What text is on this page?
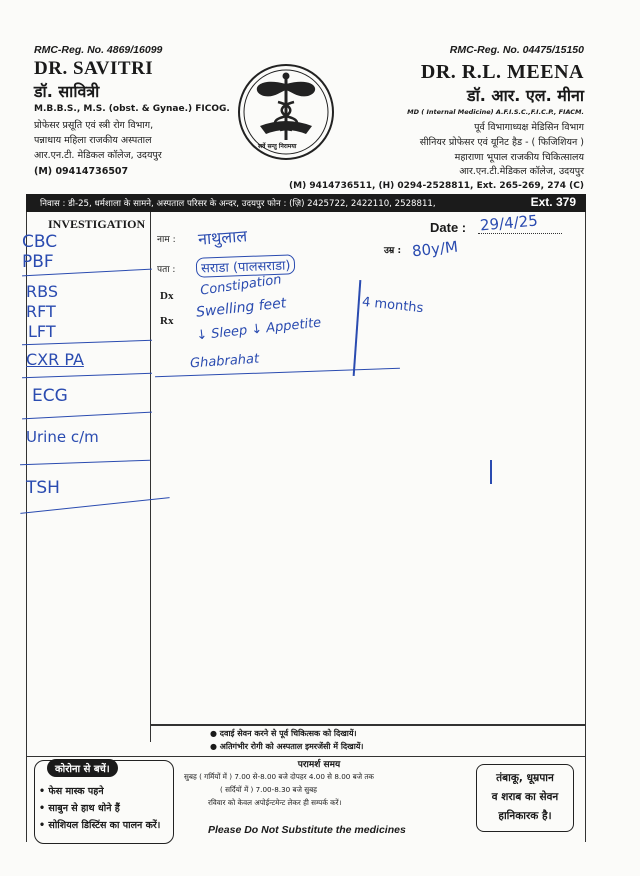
RMC-Reg. No. 4869/16099
DR. SAVITRI
डॉ. सावित्री
M.B.B.S., M.S. (obst. & Gynae.) FICOG.
प्रोफेसर प्रसूति एवं स्त्री रोग विभाग,
पन्नाधाय महिला राजकीय अस्पताल
आर.एन.टी. मेडिकल कॉलेज, उदयपुर
(M) 09414736507
सर्वे सन्तु निरामया
RMC-Reg. No. 04475/15150
DR. R.L. MEENA
डॉ. आर. एल. मीना
MD ( Internal Medicine) A.F.I.S.C.,F.I.C.P., FIACM.
पूर्व विभागाध्यक्ष मेडिसिन विभाग
सीनियर प्रोफेसर एवं यूनिट हैड - ( फिजिशियन )
महाराणा भूपाल राजकीय चिकित्सालय
आर.एन.टी.मेडिकल कॉलेज, उदयपुर
(M) 9414736511, (H) 0294-2528811, Ext. 265-269, 274 (C)
निवास : डी-25, धर्मशाला के सामने, अस्पताल परिसर के अन्दर, उदयपुर फोन : (ज़ि) 2425722, 2422110, 2528811,	Ext. 379
INVESTIGATION
नाम :
पता :
Date :
उम्र :
Dx
Rx
नाथुलाल
सराडा (पालसराडा)
29/4/25
80y/M
4 months
Constipation
Swelling feet
↓ Sleep ↓ Appetite
Ghabrahat
CBC
PBF
RBS
RFT
LFT
CXR PA
ECG
Urine c/m
TSH
● दवाई सेवन करने से पूर्व चिकित्सक को दिखायें।
● अतिगंभीर रोगी को अस्पताल इमरजेंसी में दिखायें।
कोरोना से बचें।
• फेस मास्क पहने
• साबुन से हाथ धोने हैं
• सोशियल डिस्टिंस का पालन करें।
परामर्श समय
सुबह ( गर्मियों में ) 7.00 से-8.00 बजे दोपहर 4.00 से 8.00 बजे तक
( सर्दियों में ) 7.00-8.30 बजे सुबह
रविवार को केवल अपोईन्टमेन्ट लेकर ही सम्पर्क करें।
Please Do Not Substitute the medicines
तंबाकू, धूम्रपान
व शराब का सेवन
हानिकारक है।
